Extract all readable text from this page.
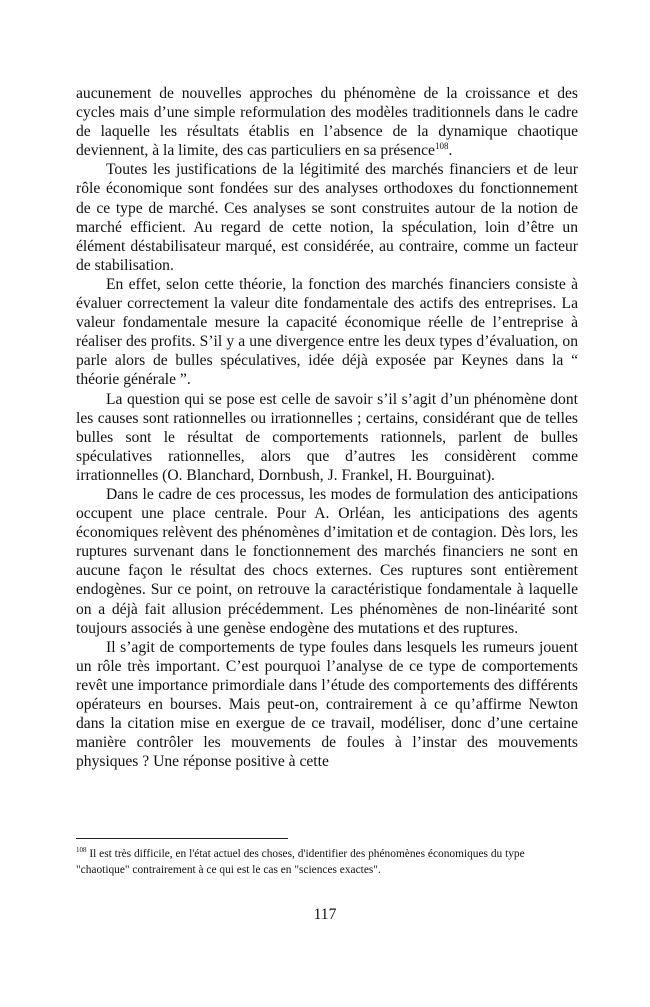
aucunement de nouvelles approches du phénomène de la croissance et des cycles mais d’une simple reformulation des modèles traditionnels dans le cadre de laquelle les résultats établis en l’absence de la dynamique chaotique deviennent, à la limite, des cas particuliers en sa présence$^{108}$.

Toutes les justifications de la légitimité des marchés financiers et de leur rôle économique sont fondées sur des analyses orthodoxes du fonctionnement de ce type de marché. Ces analyses se sont construites autour de la notion de marché efficient. Au regard de cette notion, la spéculation, loin d’être un élément déstabilisateur marqué, est considérée, au contraire, comme un facteur de stabilisation.

En effet, selon cette théorie, la fonction des marchés financiers consiste à évaluer correctement la valeur dite fondamentale des actifs des entreprises. La valeur fondamentale mesure la capacité économique réelle de l’entreprise à réaliser des profits. S’il y a une divergence entre les deux types d’évaluation, on parle alors de bulles spéculatives, idée déjà exposée par Keynes dans la “ théorie générale ”.

La question qui se pose est celle de savoir s’il s’agit d’un phénomène dont les causes sont rationnelles ou irrationnelles ; certains, considérant que de telles bulles sont le résultat de comportements rationnels, parlent de bulles spéculatives rationnelles, alors que d’autres les considèrent comme irrationnelles (O. Blanchard, Dornbush, J. Frankel, H. Bourguinat).

Dans le cadre de ces processus, les modes de formulation des anticipations occupent une place centrale. Pour A. Orléan, les anticipations des agents économiques relèvent des phénomènes d’imitation et de contagion. Dès lors, les ruptures survenant dans le fonctionnement des marchés financiers ne sont en aucune façon le résultat des chocs externes. Ces ruptures sont entièrement endogènes. Sur ce point, on retrouve la caractéristique fondamentale à laquelle on a déjà fait allusion précédemment. Les phénomènes de non-linéarité sont toujours associés à une genèse endogène des mutations et des ruptures.

Il s’agit de comportements de type foules dans lesquels les rumeurs jouent un rôle très important. C’est pourquoi l’analyse de ce type de comportements revêt une importance primordiale dans l’étude des comportements des différents opérateurs en bourses. Mais peut-on, contrairement à ce qu’affirme Newton dans la citation mise en exergue de ce travail, modéliser, donc d’une certaine manière contrôler les mouvements de foules à l’instar des mouvements physiques ? Une réponse positive à cette

$^{108}$ Il est très difficile, en l'état actuel des choses, d'identifier des phénomènes économiques du type "chaotique" contrairement à ce qui est le cas en "sciences exactes".

117
